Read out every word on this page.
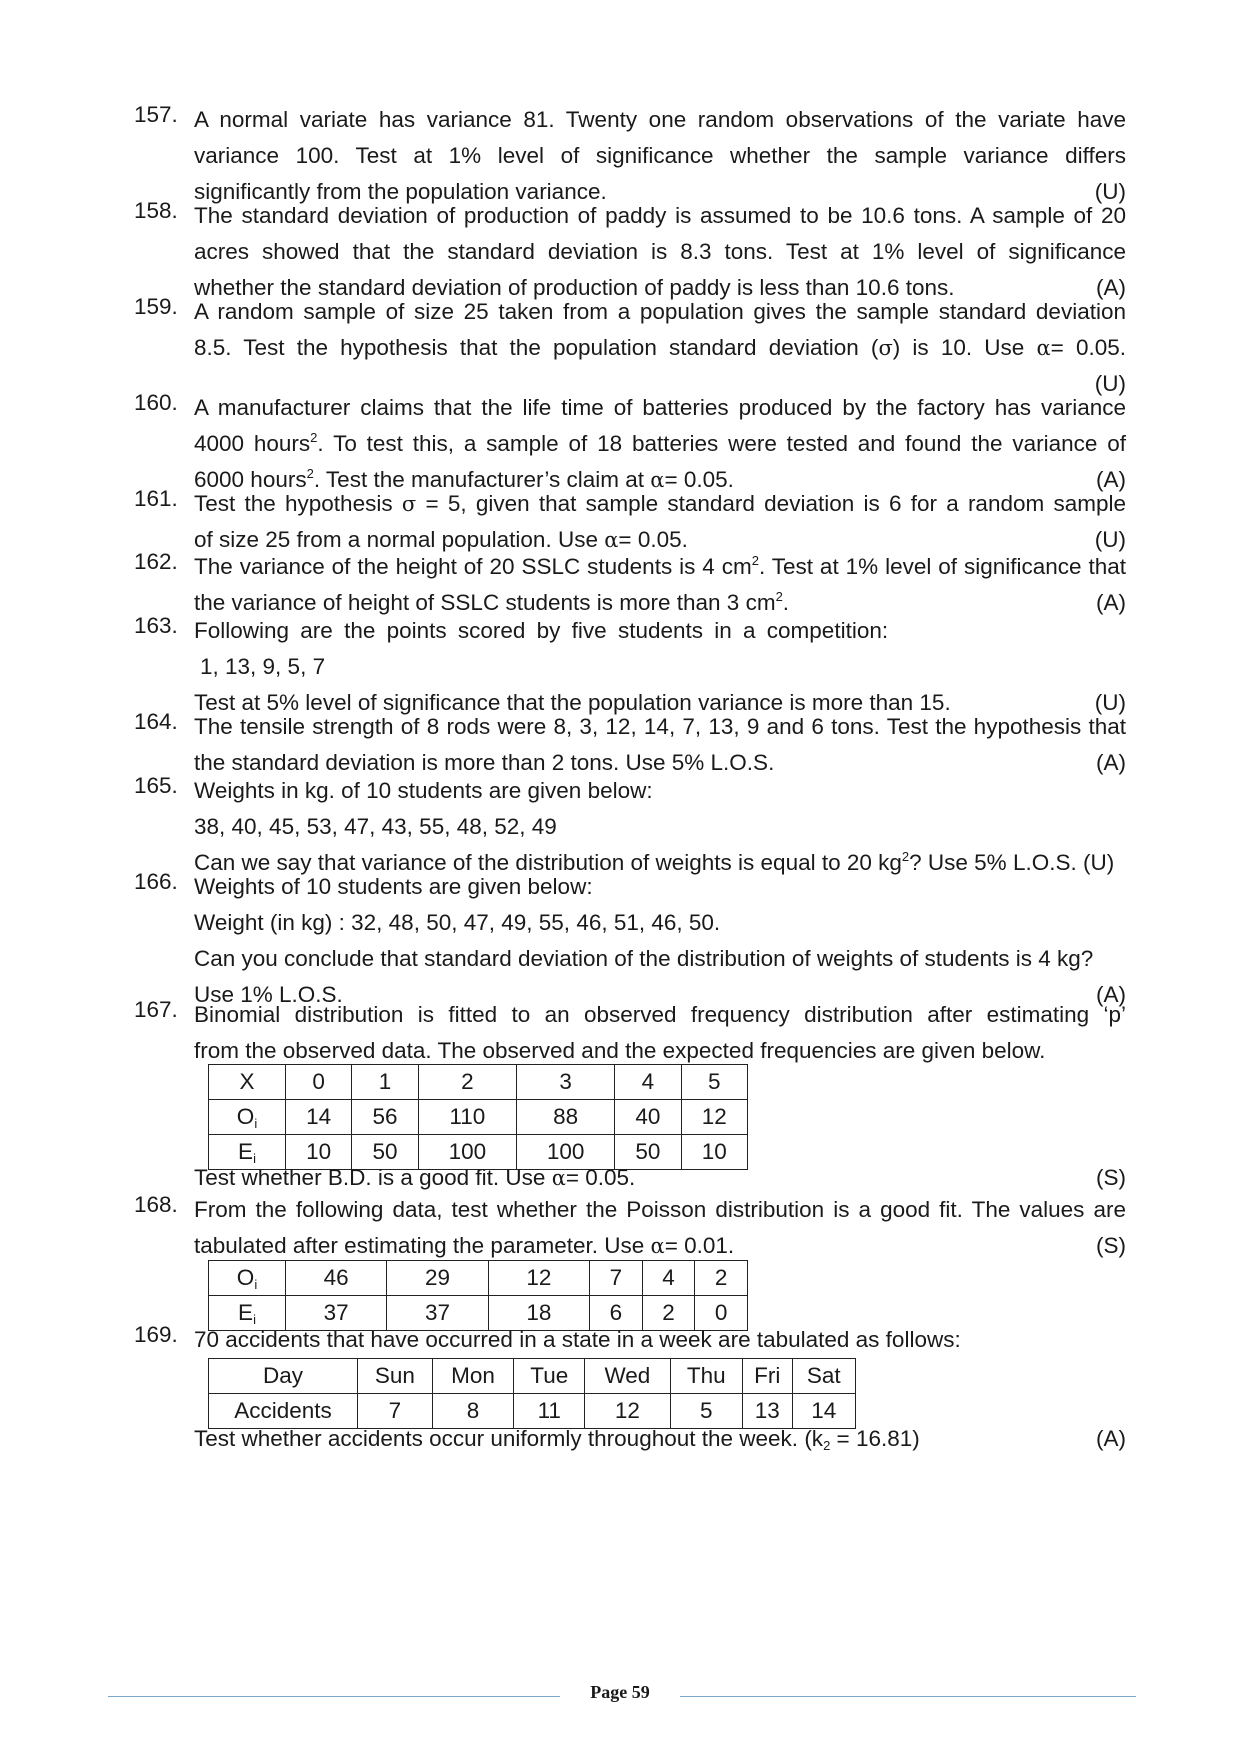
157. A normal variate has variance 81. Twenty one random observations of the variate have
variance 100. Test at 1% level of significance whether the sample variance differs
significantly from the population variance.	(U)
158. The standard deviation of production of paddy is assumed to be 10.6 tons. A sample of 20
acres showed that the standard deviation is 8.3 tons. Test at 1% level of significance
whether the standard deviation of production of paddy is less than 10.6 tons.	(A)
159. A random sample of size 25 taken from a population gives the sample standard deviation
8.5. Test the hypothesis that the population standard deviation (σ) is 10. Use α= 0.05.
(U)
160. A manufacturer claims that the life time of batteries produced by the factory has variance
4000 hours$^2$. To test this, a sample of 18 batteries were tested and found the variance of
6000 hours$^2$. Test the manufacturer’s claim at α= 0.05.	(A)
161. Test the hypothesis σ = 5, given that sample standard deviation is 6 for a random sample
of size 25 from a normal population. Use α= 0.05.	(U)
162. The variance of the height of 20 SSLC students is 4 $cm^2$. Test at 1% level of significance that
the variance of height of SSLC students is more than 3 $cm^2$.	(A)
163. Following are the points scored by five students in a competition:
1, 13, 9, 5, 7
Test at 5% level of significance that the population variance is more than 15.	(U)
164. The tensile strength of 8 rods were 8, 3, 12, 14, 7, 13, 9 and 6 tons. Test the hypothesis that
the standard deviation is more than 2 tons. Use 5% L.O.S.	(A)
165. Weights in kg. of 10 students are given below:
38, 40, 45, 53, 47, 43, 55, 48, 52, 49
Can we say that variance of the distribution of weights is equal to 20 $kg^2$? Use 5% L.O.S. (U)
166. Weights of 10 students are given below:
Weight (in kg) : 32, 48, 50, 47, 49, 55, 46, 51, 46, 50.
Can you conclude that standard deviation of the distribution of weights of students is 4 kg?
Use 1% L.O.S.	(A)
167. Binomial distribution is fitted to an observed frequency distribution after estimating ‘p’
from the observed data. The observed and the expected frequencies are given below.
X	0	1	2	3	4	5
$O_i$	14	56	110	88	40	12
$E_i$	10	50	100	100	50	10
Test whether B.D. is a good fit. Use α= 0.05.	(S)
168. From the following data, test whether the Poisson distribution is a good fit. The values are
tabulated after estimating the parameter. Use α= 0.01.	(S)
$O_i$	46	29	12	7	4	2
$E_i$	37	37	18	6	2	0
169. 70 accidents that have occurred in a state in a week are tabulated as follows:
Day	Sun	Mon	Tue	Wed	Thu	Fri	Sat
Accidents	7	8	11	12	5	13	14
Test whether accidents occur uniformly throughout the week. $(k_2 = 16.81)$	(A)
Page 59
